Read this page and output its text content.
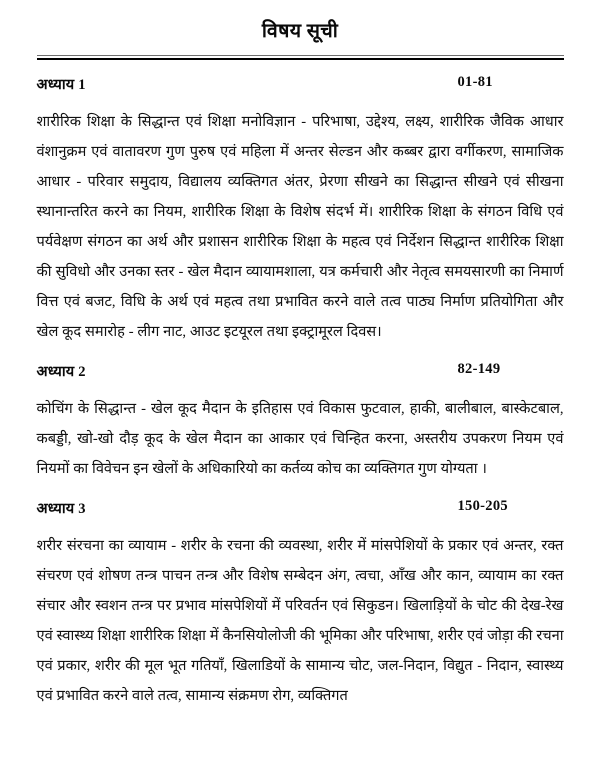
विषय सूची
अध्याय 1	01-81

शारीरिक शिक्षा के सिद्धान्त एवं शिक्षा मनोविज्ञान - परिभाषा, उद्देश्य, लक्ष्य, शारीरिक जैविक आधार वंशानुक्रम एवं वातावरण गुण पुरुष एवं महिला में अन्तर सेल्डन और कब्बर द्वारा वर्गीकरण, सामाजिक आधार - परिवार समुदाय, विद्यालय व्यक्तिगत अंतर, प्रेरणा सीखने का सिद्धान्त सीखने एवं सीखना स्थानान्तरित करने का नियम, शारीरिक शिक्षा के विशेष संदर्भ में। शारीरिक शिक्षा के संगठन विधि एवं पर्यवेक्षण संगठन का अर्थ और प्रशासन शारीरिक शिक्षा के महत्व एवं निर्देशन सिद्धान्त शारीरिक शिक्षा की सुविधो और उनका स्तर - खेल मैदान व्यायामशाला, यत्र कर्मचारी और नेतृत्व समयसारणी का निमार्ण वित्त एवं बजट, विधि के अर्थ एवं महत्व तथा प्रभावित करने वाले तत्व पाठ्य निर्माण प्रतियोगिता और खेल कूद समारोह - लीग नाट, आउट इटयूरल तथा इक्ट्रामूरल दिवस।

अध्याय 2	82-149

कोचिंग के सिद्धान्त - खेल कूद मैदान के इतिहास एवं विकास फुटवाल, हाकी, बालीबाल, बास्केटबाल, कबड्डी, खो-खो दौड़ कूद के खेल मैदान का आकार एवं चिन्हित करना, अस्तरीय उपकरण नियम एवं नियमों का विवेचन इन खेलों के अधिकारियो का कर्तव्य कोच का व्यक्तिगत गुण योग्यता ।

अध्याय 3	150-205

शरीर संरचना का व्यायाम - शरीर के रचना की व्यवस्था, शरीर में मांसपेशियों के प्रकार एवं अन्तर, रक्त संचरण एवं शोषण तन्त्र पाचन तन्त्र और विशेष सम्बेदन अंग, त्वचा, आँख और कान, व्यायाम का रक्त संचार और स्वशन तन्त्र पर प्रभाव मांसपेशियों में परिवर्तन एवं सिकुडन। खिलाड़ियों के चोट की देख-रेख एवं स्वास्थ्य शिक्षा शारीरिक शिक्षा में कैनसियोलोजी की भूमिका और परिभाषा, शरीर एवं जोड़ा की रचना एवं प्रकार, शरीर की मूल भूत गतियाँ, खिलाडियों के सामान्य चोट, जल-निदान, विद्युत - निदान, स्वास्थ्य एवं प्रभावित करने वाले तत्व, सामान्य संक्रमण रोग, व्यक्तिगत
